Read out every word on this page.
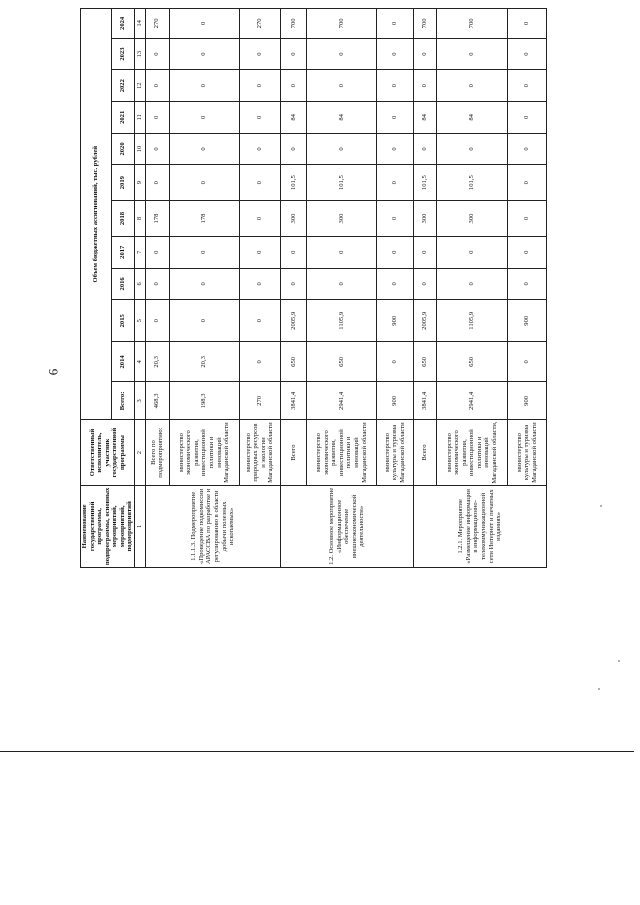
6
Наименование государственной программы, подпрограммы, основных мероприятий, мероприятий, подмероприятий	Ответственный исполнитель, участник государственной программы	Объем бюджетных ассигнований, тыс. рублей											
		Всего:	2014	2015	2016	2017	2018	2019	2020	2021	2022	2023	2024
1	2	3	4	5	6	7	8	9	10	11	12	13	14
1.1.1.3. Подмероприятие «Проведение подкомиссии АРАССВА по разработке и регулированию в области добычи полезных ископаемых»	Всего по подмероприятию:	468,3	20,3	0	0	0	178	0	0	0	0	0	270
	министерство экономического развития, инвестиционной политики и инноваций Магаданской области	198,3	20,3	0	0	0	178	0	0	0	0	0	0
	министерство природных ресурсов и экологии Магаданской области	270	0	0	0	0	0	0	0	0	0	0	270
1.2. Основное мероприятие «Информационное обеспечение внешнеэкономической деятельности»	Всего	3841,4	650	2005,9	0	0	300	101,5	0	84	0	0	700
	министерство экономического развития, инвестиционной политики и инноваций Магаданской области	2941,4	650	1105,9	0	0	300	101,5	0	84	0	0	700
	министерство культуры и туризма Магаданской области	900	0	900	0	0	0	0	0	0	0	0	0
1.2.1. Мероприятие «Размещение информации в информационно-телекоммуникационной сети Интернет и печатных изданиях»	Всего	3841,4	650	2005,9	0	0	300	101,5	0	84	0	0	700
	министерство экономического развития, инвестиционной политики и инноваций Магаданской области,	2941,4	650	1105,9	0	0	300	101,5	0	84	0	0	700
	министерство культуры и туризма Магаданской области	900	0	900	0	0	0	0	0	0	0	0	0
